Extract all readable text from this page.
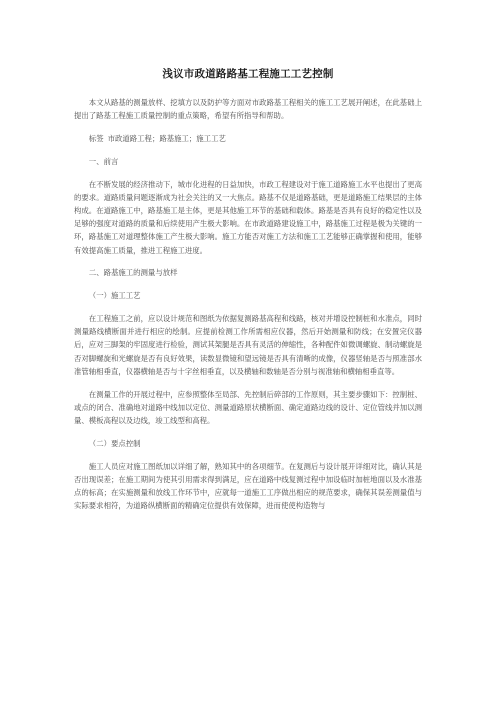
浅议市政道路路基工程施工工艺控制

本文从路基的测量放样、挖填方以及防护等方面对市政路基工程相关的施工工艺展开阐述，在此基础上提出了路基工程施工质量控制的重点策略，希望有所指导和帮助。

标签 市政道路工程；路基施工；施工工艺

一、前言

在不断发展的经济推动下，城市化进程的日益加快，市政工程建设对于施工道路施工水平也提出了更高的要求。道路质量问题逐渐成为社会关注的又一大焦点。路基不仅是道路基础，更是道路施工结果层的主体构成。在道路施工中，路基施工是主体，更是其他施工环节的基础和载体。路基是否具有良好的稳定性以及足够的强度对道路的质量和后续使用产生极大影响。在市政道路建设施工中，路基施工过程是极为关键的一环，路基施工对道理整体施工产生极大影响。施工方能否对施工方法和施工工艺能够正确掌握和使用，能够有效提高施工质量，推进工程施工进度。

二、路基施工的测量与放样

（一）施工工艺

在工程施工之前，应以设计规范和图纸为依据复测路基高程和线路，核对并增设控制桩和水准点，同时测量路线横断面并进行相应的绘制。应提前检测工作所需相应仪器，然后开始测量和防线；在安置完仪器后，应对三脚架的牢固度进行检验，测试其架腿是否具有灵活的伸缩性，各种配件如微调螺旋、制动螺旋是否对脚螺旋和光螺旋是否有良好效果，读数显微镜和望远镜是否具有清晰的成像，仪器竖轴是否与照准部水准管轴相垂直，仪器横轴是否与十字丝相垂直，以及横轴和数轴是否分别与视准轴和横轴相垂直等。

在测量工作的开展过程中，应参照整体至局部、先控制后碎部的工作原则，其主要步骤如下：控制桩、或点的闭合、准确地对道路中线加以定位、测量道路原状横断面、确定道路边线的设计、定位管线并加以测量、模板高程以及边线，竣工线型和高程。

（二）要点控制

施工人员应对施工图纸加以详细了解，熟知其中的各项细节。在复测后与设计展开详细对比，确认其是否出现误差；在施工期间为使其引用需求得到满足，应在道路中线复测过程中加设临时加桩地面以及水准基点的标高；在实施测量和放线工作环节中，应就每一道施工工序做出相应的规范要求，确保其误差测量值与实际要求相符，为道路纵横断面的精确定位提供有效保障，进而使使构造物与
